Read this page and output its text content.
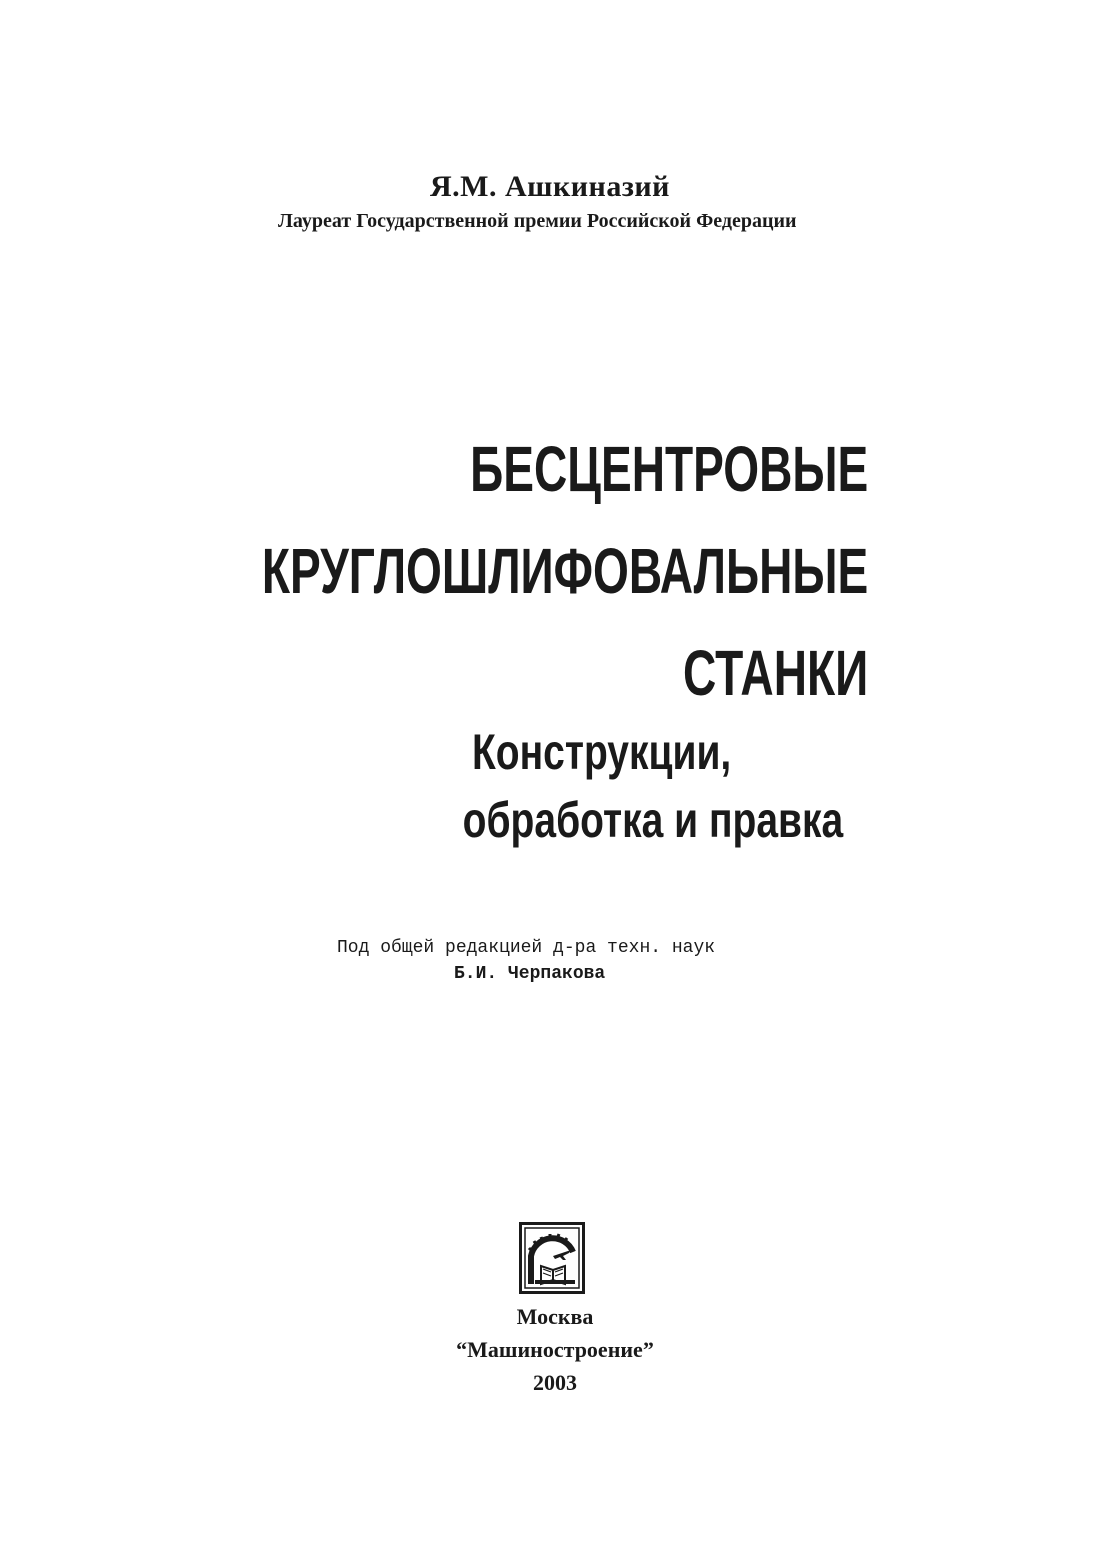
Я.М. Ашкиназий
Лауреат Государственной премии Российской Федерации
БЕСЦЕНТРОВЫЕ
КРУГЛОШЛИФОВАЛЬНЫЕ
СТАНКИ
Конструкции,
обработка и правка
Под общей редакцией д-ра техн. наук
Б.И. Черпакова
Москва
“Машиностроение”
2003
